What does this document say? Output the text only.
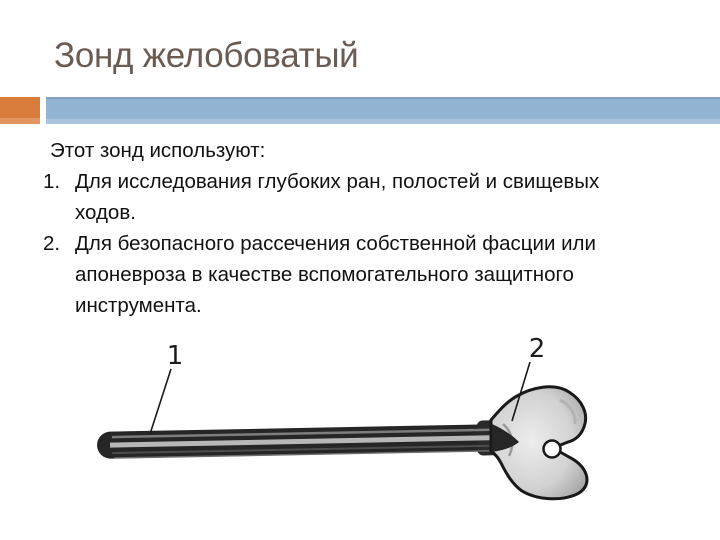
Зонд желобоватый

Этот зонд используют:

1. Для исследования глубоких ран, полостей и свищевых
ходов.
2. Для безопасного рассечения собственной фасции или
апоневроза в качестве вспомогательного защитного
инструмента.
1	2
